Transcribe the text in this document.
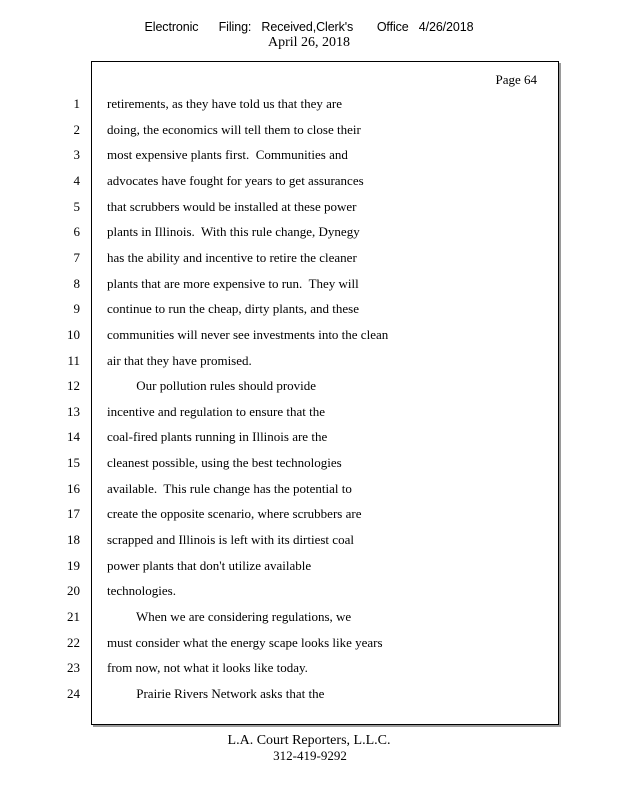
Electronic      Filing:   Received,Clerk's       Office   4/26/2018
April 26, 2018
Page 64
1 retirements, as they have told us that they are
2 doing, the economics will tell them to close their
3 most expensive plants first.  Communities and
4 advocates have fought for years to get assurances
5 that scrubbers would be installed at these power
6 plants in Illinois.  With this rule change, Dynegy
7 has the ability and incentive to retire the cleaner
8 plants that are more expensive to run.  They will
9 continue to run the cheap, dirty plants, and these
10 communities will never see investments into the clean
11 air that they have promised.
12 Our pollution rules should provide
13 incentive and regulation to ensure that the
14 coal-fired plants running in Illinois are the
15 cleanest possible, using the best technologies
16 available.  This rule change has the potential to
17 create the opposite scenario, where scrubbers are
18 scrapped and Illinois is left with its dirtiest coal
19 power plants that don't utilize available
20 technologies.
21 When we are considering regulations, we
22 must consider what the energy scape looks like years
23 from now, not what it looks like today.
24 Prairie Rivers Network asks that the
L.A. Court Reporters, L.L.C.
312-419-9292
